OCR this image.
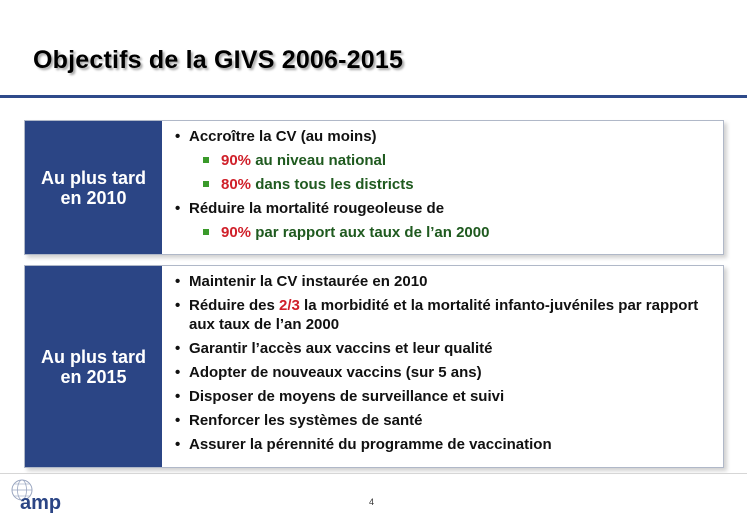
Objectifs de la GIVS 2006-2015
Au plus tard
en 2010
• Accroître la CV (au moins)
90% au niveau national
80% dans tous les districts
• Réduire la mortalité rougeoleuse de
90% par rapport aux taux de l’an 2000
Au plus tard
en 2015
• Maintenir la CV instaurée en 2010
• Réduire des 2/3 la morbidité et la mortalité infanto-juvéniles par rapport aux taux de l’an 2000
• Garantir l’accès aux vaccins et leur qualité
• Adopter de nouveaux vaccins (sur 5 ans)
• Disposer de moyens de surveillance et suivi
• Renforcer les systèmes de santé
• Assurer la pérennité du programme de vaccination
amp	4
